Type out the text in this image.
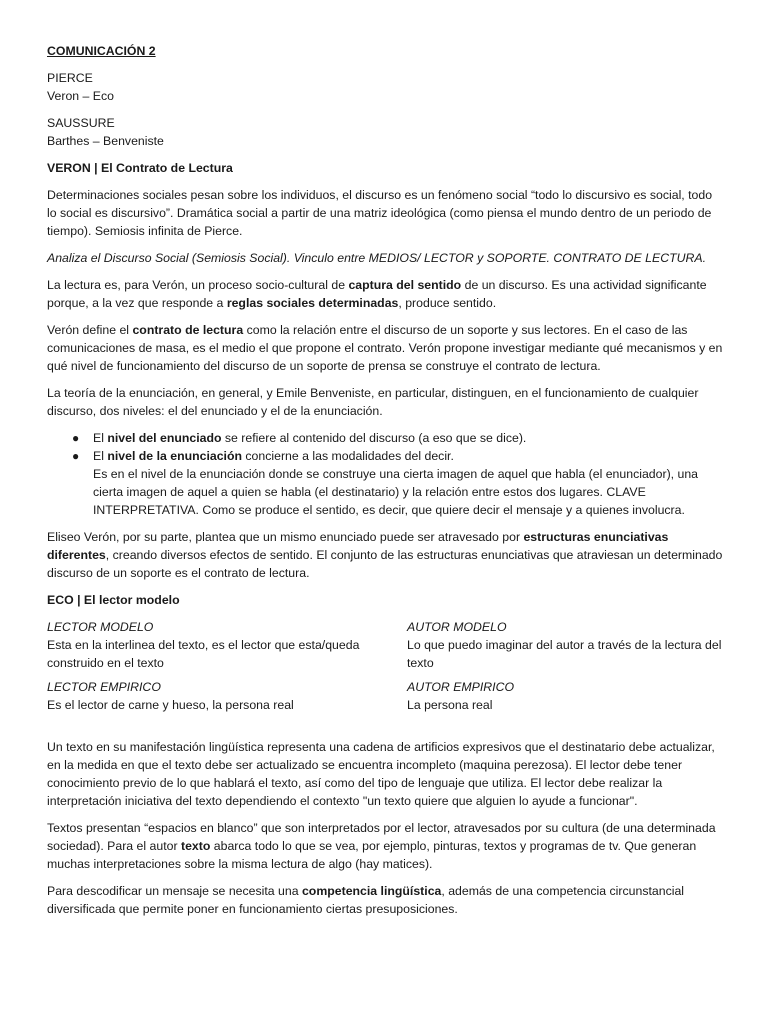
COMUNICACIÓN 2

PIERCE
Veron – Eco
SAUSSURE
Barthes – Benveniste

VERON | El Contrato de Lectura

Determinaciones sociales pesan sobre los individuos, el discurso es un fenómeno social “todo lo discursivo es social, todo lo social es discursivo”. Dramática social a partir de una matriz ideológica (como piensa el mundo dentro de un periodo de tiempo). Semiosis infinita de Pierce.

Analiza el Discurso Social (Semiosis Social). Vinculo entre MEDIOS/ LECTOR y SOPORTE. CONTRATO DE LECTURA.

La lectura es, para Verón, un proceso socio-cultural de captura del sentido de un discurso. Es una actividad significante porque, a la vez que responde a reglas sociales determinadas, produce sentido.

Verón define el contrato de lectura como la relación entre el discurso de un soporte y sus lectores. En el caso de las comunicaciones de masa, es el medio el que propone el contrato. Verón propone investigar mediante qué mecanismos y en qué nivel de funcionamiento del discurso de un soporte de prensa se construye el contrato de lectura.

La teoría de la enunciación, en general, y Emile Benveniste, en particular, distinguen, en el funcionamiento de cualquier discurso, dos niveles: el del enunciado y el de la enunciación.

● El nivel del enunciado se refiere al contenido del discurso (a eso que se dice).
● El nivel de la enunciación concierne a las modalidades del decir.
Es en el nivel de la enunciación donde se construye una cierta imagen de aquel que habla (el enunciador), una cierta imagen de aquel a quien se habla (el destinatario) y la relación entre estos dos lugares. CLAVE INTERPRETATIVA. Como se produce el sentido, es decir, que quiere decir el mensaje y a quienes involucra.

Eliseo Verón, por su parte, plantea que un mismo enunciado puede ser atravesado por estructuras enunciativas diferentes, creando diversos efectos de sentido. El conjunto de las estructuras enunciativas que atraviesan un determinado discurso de un soporte es el contrato de lectura.

ECO | El lector modelo

LECTOR MODELO
Esta en la interlinea del texto, es el lector que esta/queda construido en el texto
AUTOR MODELO
Lo que puedo imaginar del autor a través de la lectura del texto
LECTOR EMPIRICO
Es el lector de carne y hueso, la persona real
AUTOR EMPIRICO
La persona real

Un texto en su manifestación lingüística representa una cadena de artificios expresivos que el destinatario debe actualizar, en la medida en que el texto debe ser actualizado se encuentra incompleto (maquina perezosa). El lector debe tener conocimiento previo de lo que hablará el texto, así como del tipo de lenguaje que utiliza. El lector debe realizar la interpretación iniciativa del texto dependiendo el contexto "un texto quiere que alguien lo ayude a funcionar".

Textos presentan “espacios en blanco” que son interpretados por el lector, atravesados por su cultura (de una determinada sociedad). Para el autor texto abarca todo lo que se vea, por ejemplo, pinturas, textos y programas de tv. Que generan muchas interpretaciones sobre la misma lectura de algo (hay matices).

Para descodificar un mensaje se necesita una competencia lingüística, además de una competencia circunstancial diversificada que permite poner en funcionamiento ciertas presuposiciones.
